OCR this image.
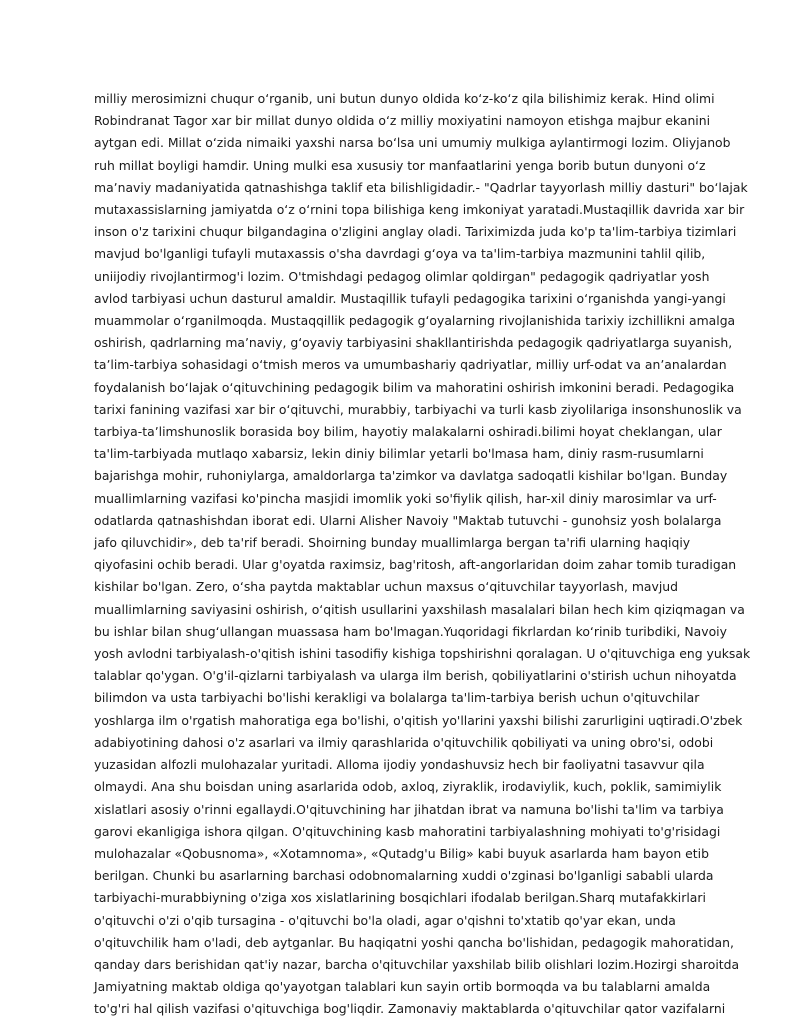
milliy merosimizni chuqur oʻrganib, uni butun dunyo oldida koʻz-koʻz qila bilishimiz kerak. Hind olimi
Robindranat Tagor xar bir millat dunyo oldida oʻz milliy moxiyatini namoyon etishga majbur ekanini
aytgan edi. Millat oʻzida nimaiki yaxshi narsa boʻlsa uni umumiy mulkiga aylantirmogi lozim. Oliyjanob
ruh millat boyligi hamdir. Uning mulki esa xususiy tor manfaatlarini yenga borib butun dunyoni oʻz
maʼnaviy madaniyatida qatnashishga taklif eta bilishligidadir.- "Qadrlar tayyorlash milliy dasturi" boʻlajak
mutaxassislarning jamiyatda oʻz oʻrnini topa bilishiga keng imkoniyat yaratadi.Mustaqillik davrida xar bir
inson o'z tarixini chuqur bilgandagina o'zligini anglay oladi. Tariximizda juda ko'p ta'lim-tarbiya tizimlari
mavjud bo'lganligi tufayli mutaxassis o'sha davrdagi gʻoya va ta'lim-tarbiya mazmunini tahlil qilib,
uniijodiy rivojlantirmog'i lozim. O'tmishdagi pedagog olimlar qoldirgan" pedagogik qadriyatlar yosh
avlod tarbiyasi uchun dasturul amaldir. Mustaqillik tufayli pedagogika tarixini oʻrganishda yangi-yangi
muammolar oʻrganilmoqda. Mustaqqillik pedagogik gʻoyalarning rivojlanishida tarixiy izchillikni amalga
oshirish, qadrlarning maʼnaviy, gʻoyaviy tarbiyasini shakllantirishda pedagogik qadriyatlarga suyanish,
taʼlim-tarbiya sohasidagi oʻtmish meros va umumbashariy qadriyatlar, milliy urf-odat va anʼanalardan
foydalanish boʻlajak oʻqituvchining pedagogik bilim va mahoratini oshirish imkonini beradi. Pedagogika
tarixi fanining vazifasi xar bir oʻqituvchi, murabbiy, tarbiyachi va turli kasb ziyolilariga insonshunoslik va
tarbiya-taʼlimshunoslik borasida boy bilim, hayotiy malakalarni oshiradi.bilimi hoyat cheklangan, ular
ta'lim-tarbiyada mutlaqo xabarsiz, lekin diniy bilimlar yetarli bo'lmasa ham, diniy rasm-rusumlarni
bajarishga mohir, ruhoniylarga, amaldorlarga ta'zimkor va davlatga sadoqatli kishilar bo'lgan. Bunday
muallimlarning vazifasi ko'pincha masjidi imomlik yoki so'fiylik qilish, har-xil diniy marosimlar va urf-
odatlarda qatnashishdan iborat edi. Ularni Alisher Navoiy "Maktab tutuvchi - gunohsiz yosh bolalarga
jafo qiluvchidir», deb ta'rif beradi. Shoirning bunday muallimlarga bergan ta'rifi ularning haqiqiy
qiyofasini ochib beradi. Ular g'oyatda raximsiz, bag'ritosh, aft-angorlaridan doim zahar tomib turadigan
kishilar bo'lgan. Zero, oʻsha paytda maktablar uchun maxsus oʻqituvchilar tayyorlash, mavjud
muallimlarning saviyasini oshirish, oʻqitish usullarini yaxshilash masalalari bilan hech kim qiziqmagan va
bu ishlar bilan shugʻullangan muassasa ham bo'lmagan.Yuqoridagi fikrlardan koʻrinib turibdiki, Navoiy
yosh avlodni tarbiyalash-o'qitish ishini tasodifiy kishiga topshirishni qoralagan. U o'qituvchiga eng yuksak
talablar qo'ygan. O'g'il-qizlarni tarbiyalash va ularga ilm berish, qobiliyatlarini o'stirish uchun nihoyatda
bilimdon va usta tarbiyachi bo'lishi kerakligi va bolalarga ta'lim-tarbiya berish uchun o'qituvchilar
yoshlarga ilm o'rgatish mahoratiga ega bo'lishi, o'qitish yo'llarini yaxshi bilishi zarurligini uqtiradi.O'zbek
adabiyotining dahosi o'z asarlari va ilmiy qarashlarida o'qituvchilik qobiliyati va uning obro'si, odobi
yuzasidan alfozli mulohazalar yuritadi. Alloma ijodiy yondashuvsiz hech bir faoliyatni tasavvur qila
olmaydi. Ana shu boisdan uning asarlarida odob, axloq, ziyraklik, irodaviylik, kuch, poklik, samimiylik
xislatlari asosiy o'rinni egallaydi.O'qituvchining har jihatdan ibrat va namuna bo'lishi ta'lim va tarbiya
garovi ekanligiga ishora qilgan. O'qituvchining kasb mahoratini tarbiyalashning mohiyati to'g'risidagi
mulohazalar «Qobusnoma», «Xotamnoma», «Qutadg'u Bilig» kabi buyuk asarlarda ham bayon etib
berilgan. Chunki bu asarlarning barchasi odobnomalarning xuddi o'zginasi bo'lganligi sababli ularda
tarbiyachi-murabbiyning o'ziga xos xislatlarining bosqichlari ifodalab berilgan.Sharq mutafakkirlari
o'qituvchi o'zi o'qib tursagina - o'qituvchi bo'la oladi, agar o'qishni to'xtatib qo'yar ekan, unda
o'qituvchilik ham o'ladi, deb aytganlar. Bu haqiqatni yoshi qancha bo'lishidan, pedagogik mahoratidan,
qanday dars berishidan qat'iy nazar, barcha o'qituvchilar yaxshilab bilib olishlari lozim.Hozirgi sharoitda
Jamiyatning maktab oldiga qo'yayotgan talablari kun sayin ortib bormoqda va bu talablarni amalda
to'g'ri hal qilish vazifasi o'qituvchiga bog'liqdir. Zamonaviy maktablarda o'qituvchilar qator vazifalarni
